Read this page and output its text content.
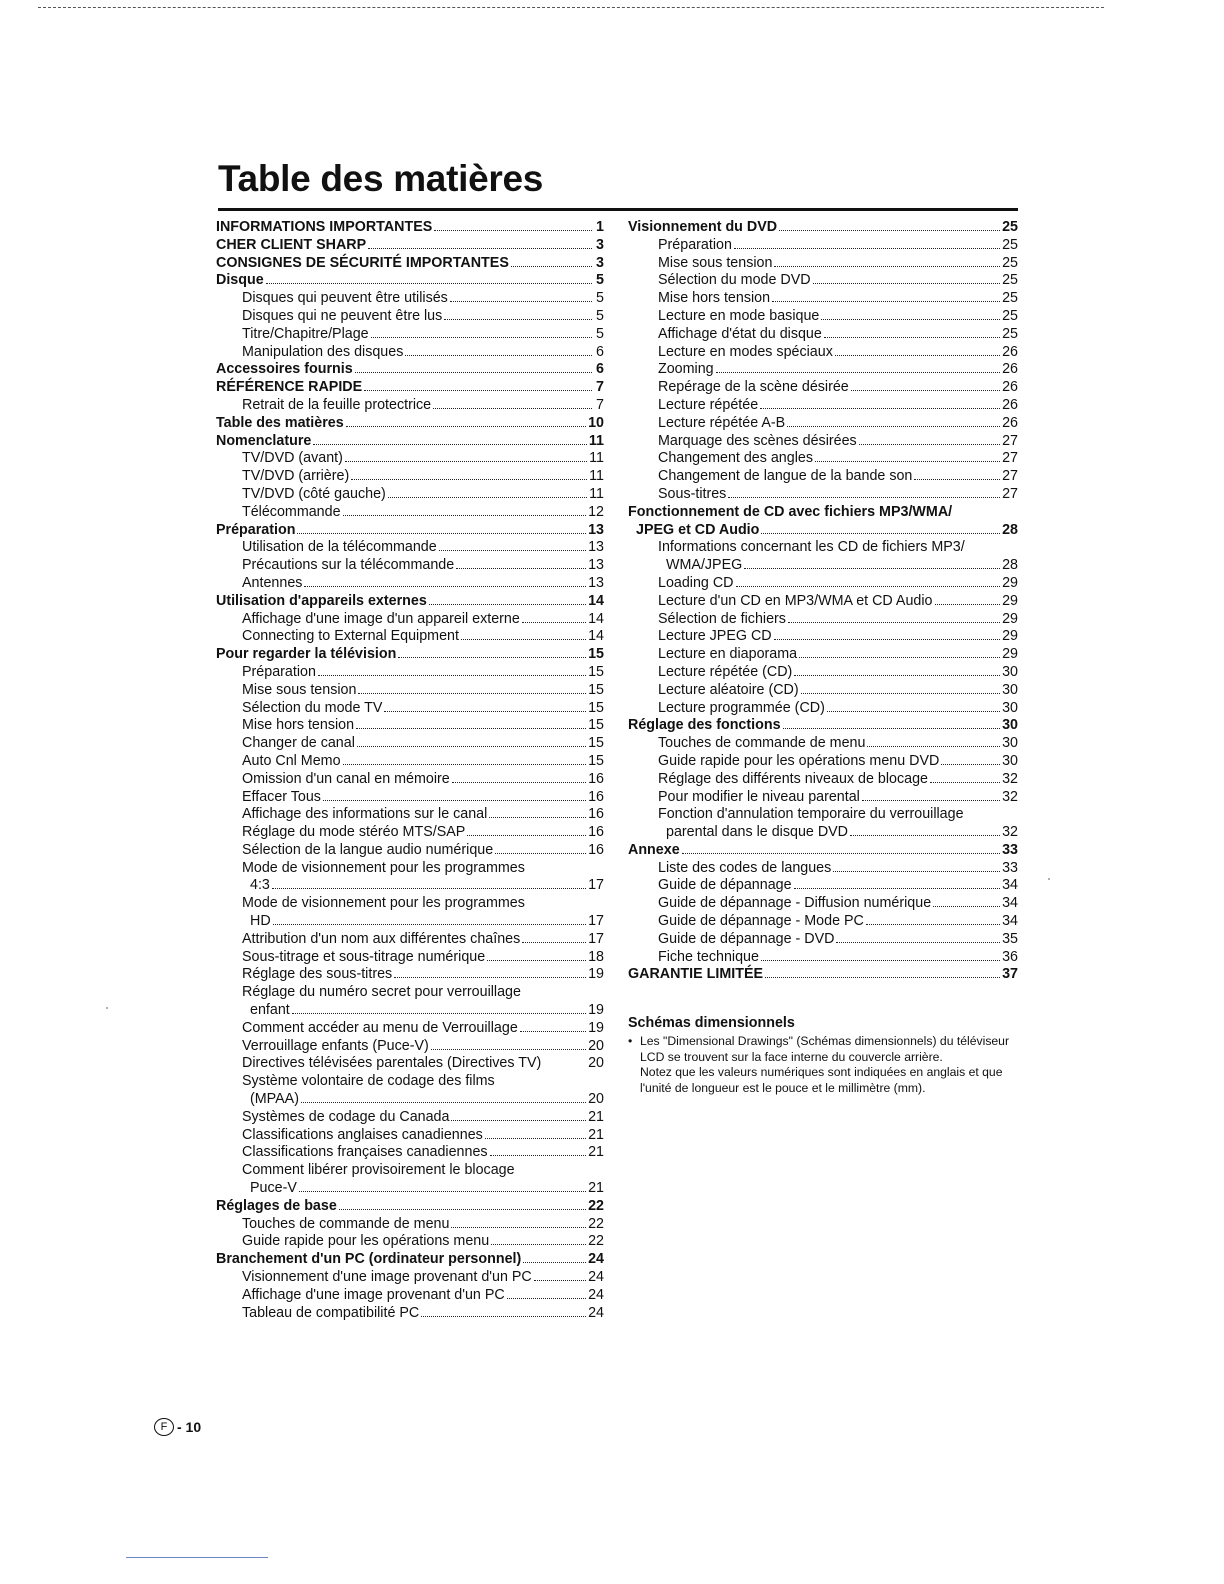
Table des matières
INFORMATIONS IMPORTANTES	1
CHER CLIENT SHARP	3
CONSIGNES DE SÉCURITÉ IMPORTANTES	3
Disque	5
Disques qui peuvent être utilisés	5
Disques qui ne peuvent être lus	5
Titre/Chapitre/Plage	5
Manipulation des disques	6
Accessoires fournis	6
RÉFÉRENCE RAPIDE	7
Retrait de la feuille protectrice	7
Table des matières	10
Nomenclature	11
TV/DVD (avant)	11
TV/DVD (arrière)	11
TV/DVD (côté gauche)	11
Télécommande	12
Préparation	13
Utilisation de la télécommande	13
Précautions sur la télécommande	13
Antennes	13
Utilisation d'appareils externes	14
Affichage d'une image d'un appareil externe	14
Connecting to External Equipment	14
Pour regarder la télévision	15
Préparation	15
Mise sous tension	15
Sélection du mode TV	15
Mise hors tension	15
Changer de canal	15
Auto Cnl Memo	15
Omission d'un canal en mémoire	16
Effacer Tous	16
Affichage des informations sur le canal	16
Réglage du mode stéréo MTS/SAP	16
Sélection de la langue audio numérique	16
Mode de visionnement pour les programmes
4:3	17
Mode de visionnement pour les programmes
HD	17
Attribution d'un nom aux différentes chaînes	17
Sous-titrage et sous-titrage numérique	18
Réglage des sous-titres	19
Réglage du numéro secret pour verrouillage
enfant	19
Comment accéder au menu de Verrouillage	19
Verrouillage enfants (Puce-V)	20
Directives télévisées parentales (Directives TV)	20
Système volontaire de codage des films
(MPAA)	20
Systèmes de codage du Canada	21
Classifications anglaises canadiennes	21
Classifications françaises canadiennes	21
Comment libérer provisoirement le blocage
Puce-V	21
Réglages de base	22
Touches de commande de menu	22
Guide rapide pour les opérations menu	22
Branchement d'un PC (ordinateur personnel)	24
Visionnement d'une image provenant d'un PC	24
Affichage d'une image provenant d'un PC	24
Tableau de compatibilité PC	24
Visionnement du DVD	25
Préparation	25
Mise sous tension	25
Sélection du mode DVD	25
Mise hors tension	25
Lecture en mode basique	25
Affichage d'état du disque	25
Lecture en modes spéciaux	26
Zooming	26
Repérage de la scène désirée	26
Lecture répétée	26
Lecture répétée A-B	26
Marquage des scènes désirées	27
Changement des angles	27
Changement de langue de la bande son	27
Sous-titres	27
Fonctionnement de CD avec fichiers MP3/WMA/
JPEG et CD Audio	28
Informations concernant les CD de fichiers MP3/
WMA/JPEG	28
Loading CD	29
Lecture d'un CD en MP3/WMA et CD Audio	29
Sélection de fichiers	29
Lecture JPEG CD	29
Lecture en diaporama	29
Lecture répétée (CD)	30
Lecture aléatoire (CD)	30
Lecture programmée (CD)	30
Réglage des fonctions	30
Touches de commande de menu	30
Guide rapide pour les opérations menu DVD	30
Réglage des différents niveaux de blocage	32
Pour modifier le niveau parental	32
Fonction d'annulation temporaire du verrouillage
parental dans le disque DVD	32
Annexe	33
Liste des codes de langues	33
Guide de dépannage	34
Guide de dépannage - Diffusion numérique	34
Guide de dépannage - Mode PC	34
Guide de dépannage - DVD	35
Fiche technique	36
GARANTIE LIMITÉE	37
Schémas dimensionnels
• Les "Dimensional Drawings" (Schémas dimensionnels) du téléviseur LCD se trouvent sur la face interne du couvercle arrière.
Notez que les valeurs numériques sont indiquées en anglais et que l'unité de longueur est le pouce et le millimètre (mm).
F - 10
